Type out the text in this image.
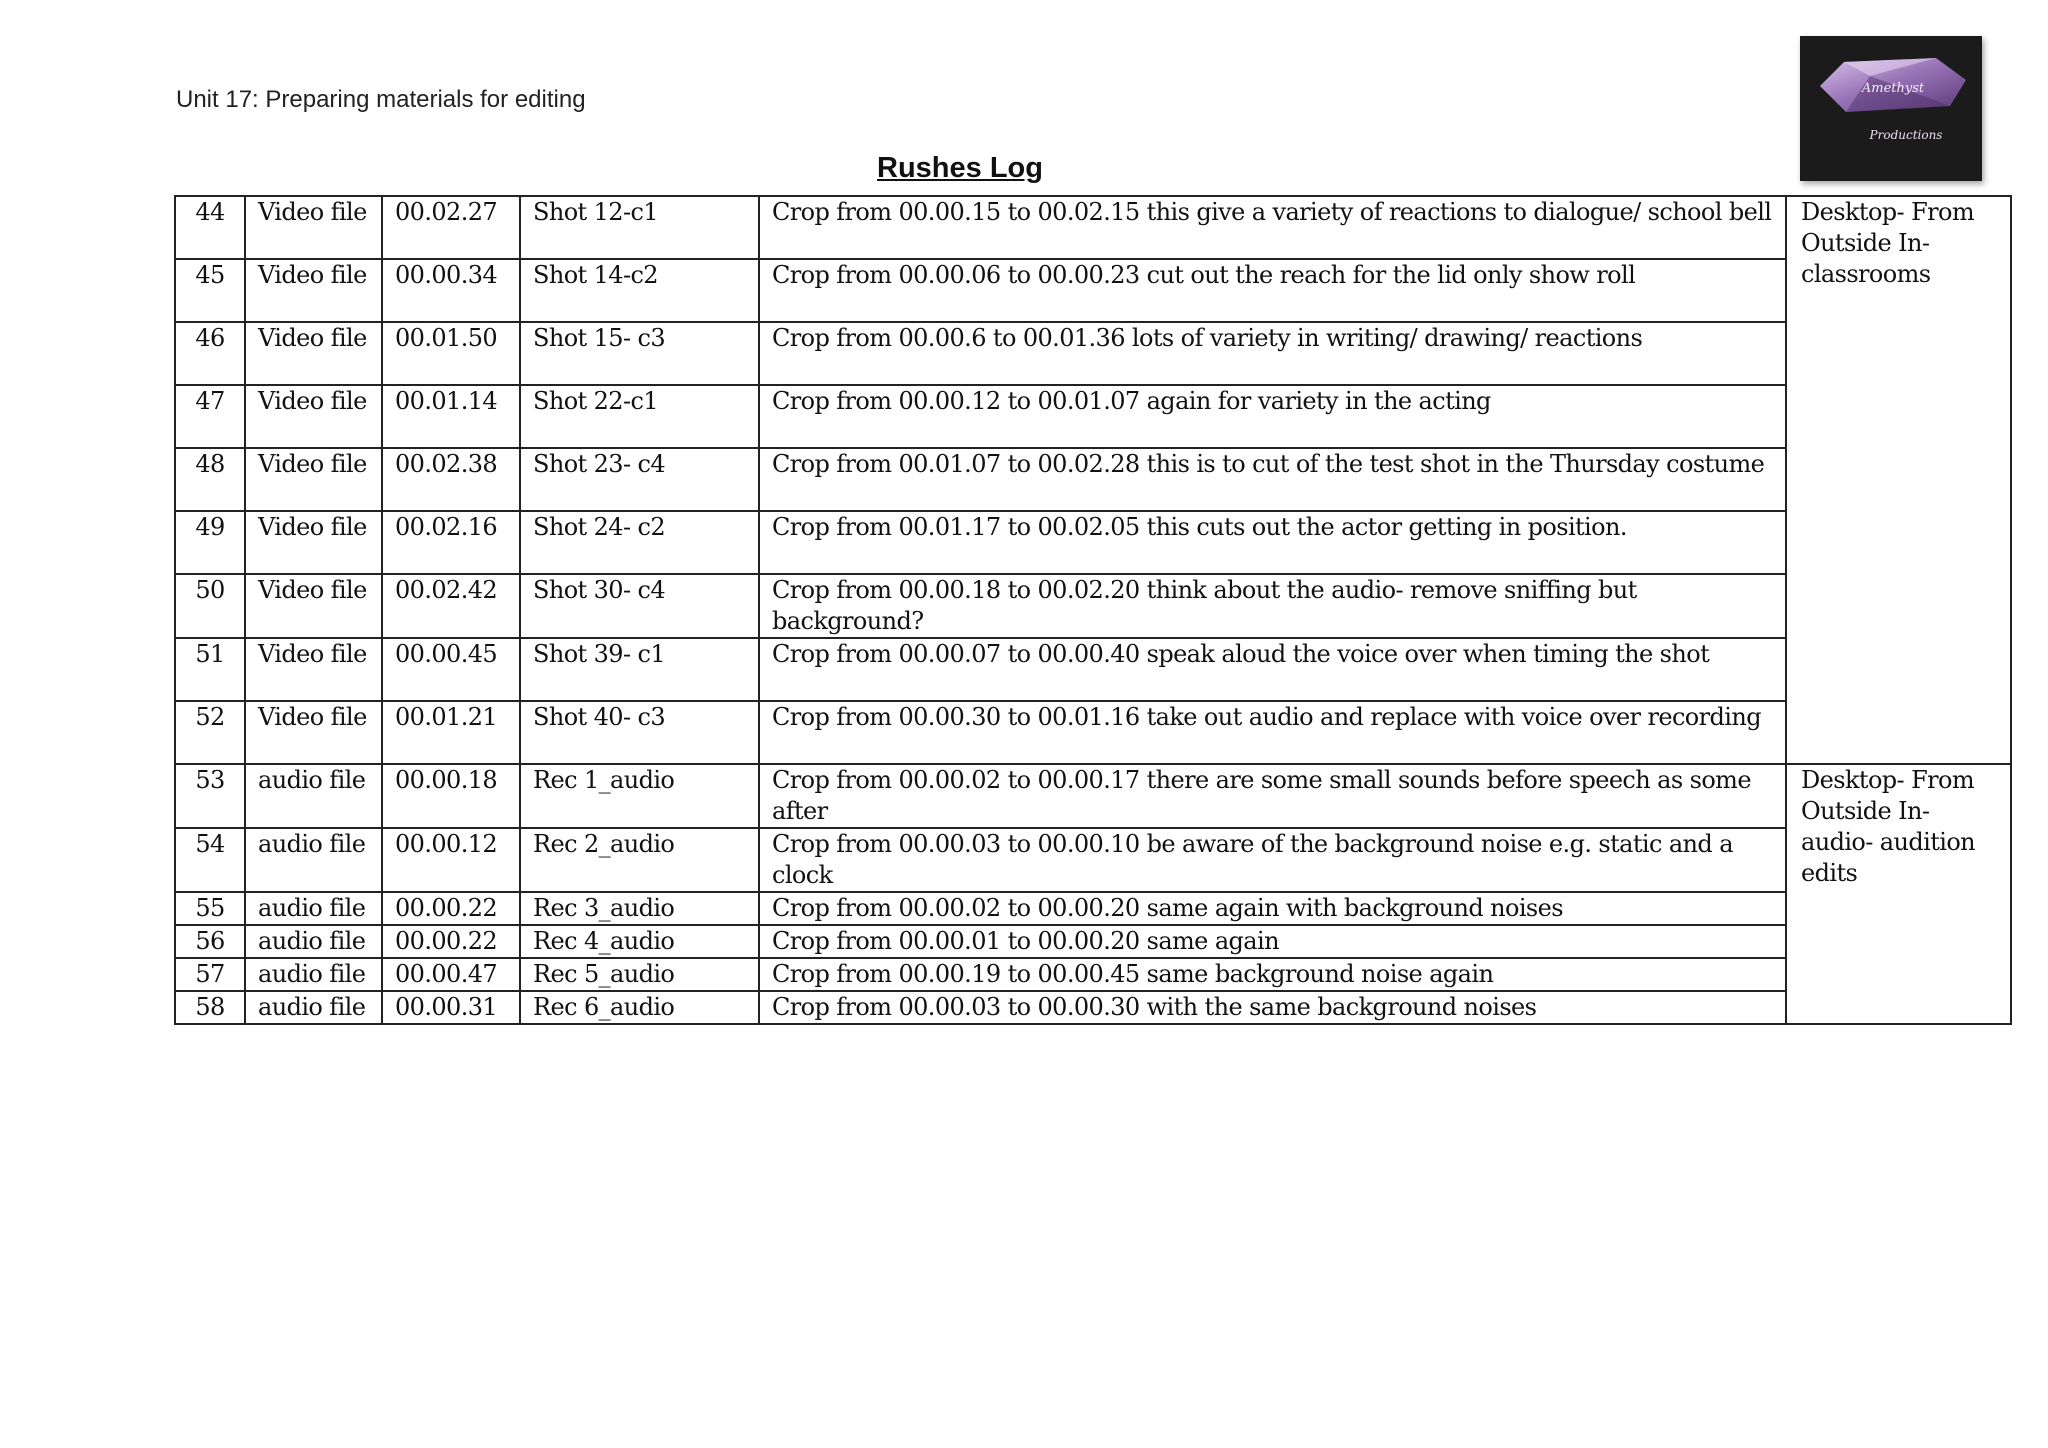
Unit 17: Preparing materials for editing	Amethyst
Productions
Rushes Log
44	Video file	00.02.27	Shot 12-c1	Crop from 00.00.15 to 00.02.15 this give a variety of reactions to dialogue/ school bell	Desktop- From Outside In- classrooms
45	Video file	00.00.34	Shot 14-c2	Crop from 00.00.06 to 00.00.23 cut out the reach for the lid only show roll	
46	Video file	00.01.50	Shot 15- c3	Crop from 00.00.6 to 00.01.36 lots of variety in writing/ drawing/ reactions	
47	Video file	00.01.14	Shot 22-c1	Crop from 00.00.12 to 00.01.07 again for variety in the acting	
48	Video file	00.02.38	Shot 23- c4	Crop from 00.01.07 to 00.02.28 this is to cut of the test shot in the Thursday costume	
49	Video file	00.02.16	Shot 24- c2	Crop from 00.01.17 to 00.02.05 this cuts out the actor getting in position.	
50	Video file	00.02.42	Shot 30- c4	Crop from 00.00.18 to 00.02.20 think about the audio- remove sniffing but background?	
51	Video file	00.00.45	Shot 39- c1	Crop from 00.00.07 to 00.00.40 speak aloud the voice over when timing the shot	
52	Video file	00.01.21	Shot 40- c3	Crop from 00.00.30 to 00.01.16 take out audio and replace with voice over recording	
53	audio file	00.00.18	Rec 1_audio	Crop from 00.00.02 to 00.00.17 there are some small sounds before speech as some after	Desktop- From Outside In- audio- audition edits
54	audio file	00.00.12	Rec 2_audio	Crop from 00.00.03 to 00.00.10 be aware of the background noise e.g. static and a clock	
55	audio file	00.00.22	Rec 3_audio	Crop from 00.00.02 to 00.00.20 same again with background noises	
56	audio file	00.00.22	Rec 4_audio	Crop from 00.00.01 to 00.00.20 same again	
57	audio file	00.00.47	Rec 5_audio	Crop from 00.00.19 to 00.00.45 same background noise again	
58	audio file	00.00.31	Rec 6_audio	Crop from 00.00.03 to 00.00.30 with the same background noises	
